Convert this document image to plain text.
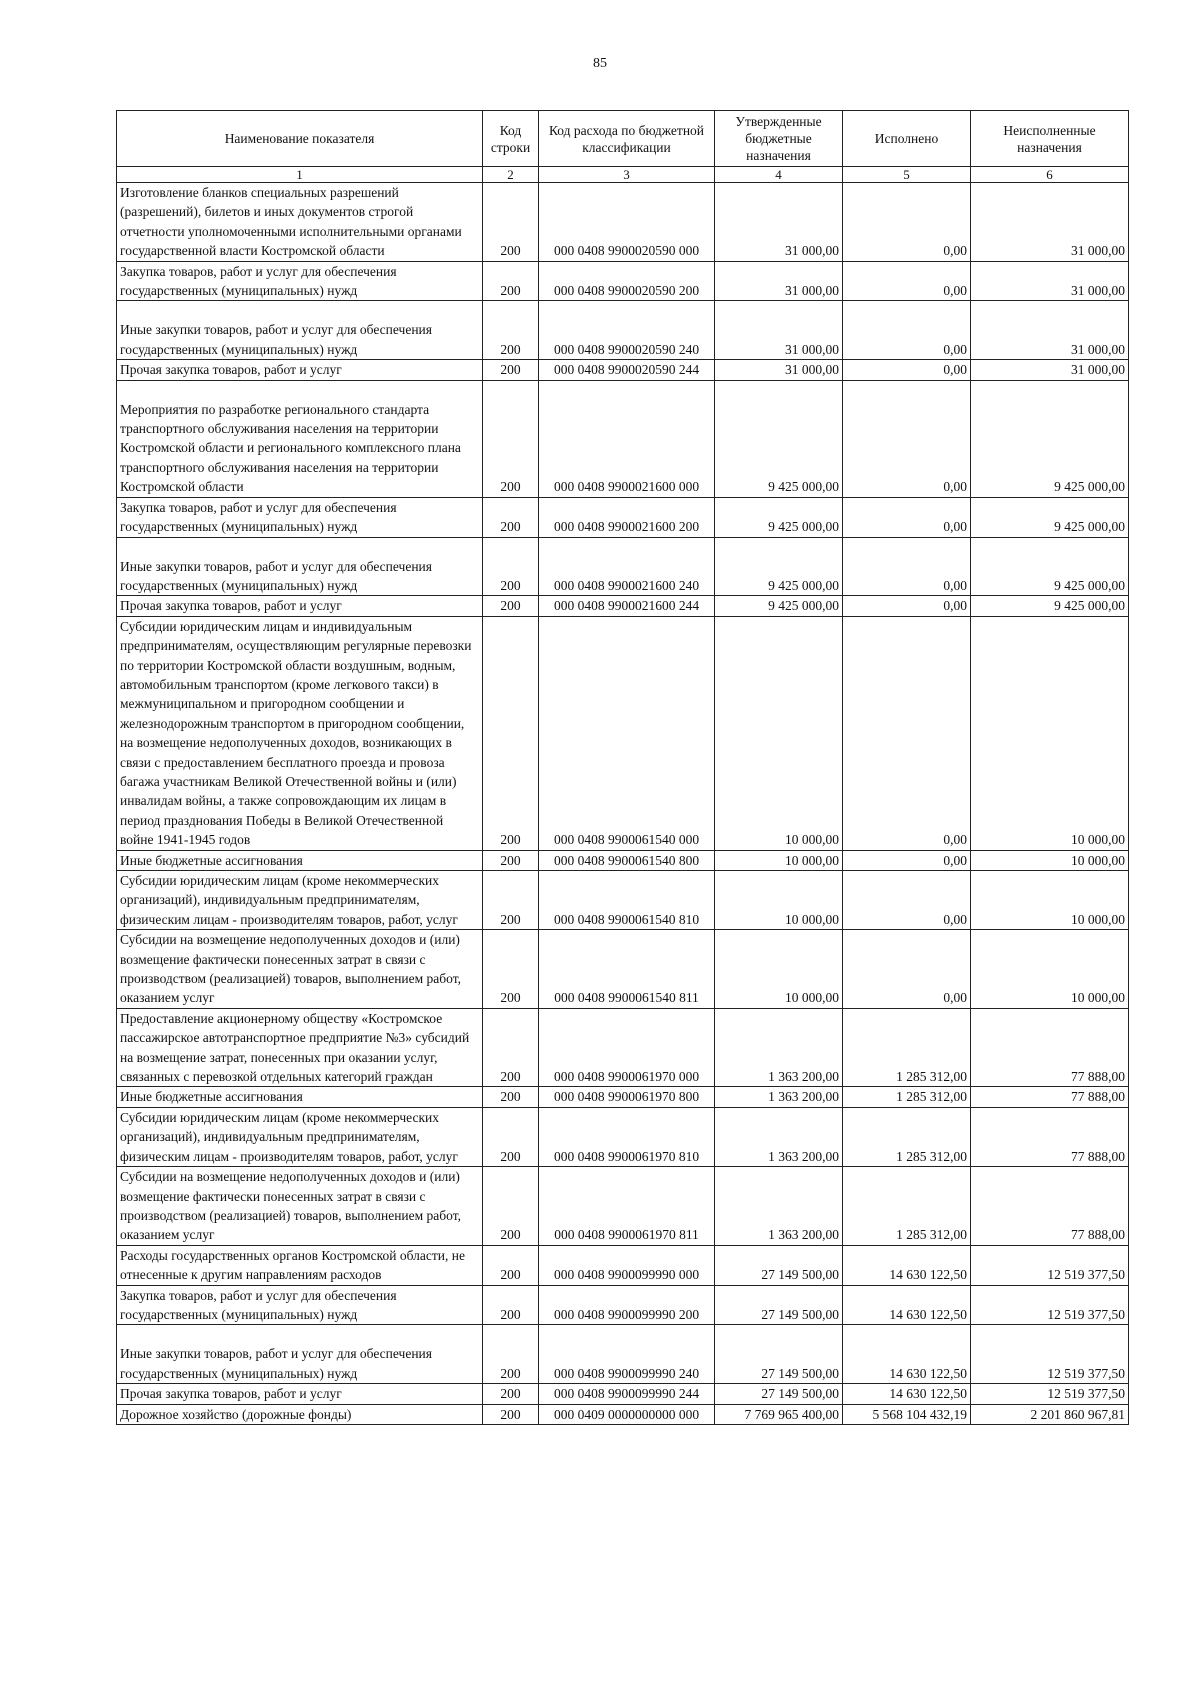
85
Наименование показателя	Код строки	Код расхода по бюджетной классификации	Утвержденные бюджетные назначения	Исполнено	Неисполненные назначения
1	2	3	4	5	6
Изготовление бланков специальных разрешений (разрешений), билетов и иных документов строгой отчетности уполномоченными исполнительными органами государственной власти Костромской области	200	000 0408 9900020590 000	31 000,00	0,00	31 000,00
Закупка товаров, работ и услуг для обеспечения государственных (муниципальных) нужд	200	000 0408 9900020590 200	31 000,00	0,00	31 000,00
Иные закупки товаров, работ и услуг для обеспечения государственных (муниципальных) нужд	200	000 0408 9900020590 240	31 000,00	0,00	31 000,00
Прочая закупка товаров, работ и услуг	200	000 0408 9900020590 244	31 000,00	0,00	31 000,00
Мероприятия по разработке регионального стандарта транспортного обслуживания населения на территории Костромской области и регионального комплексного плана транспортного обслуживания населения на территории Костромской области	200	000 0408 9900021600 000	9 425 000,00	0,00	9 425 000,00
Закупка товаров, работ и услуг для обеспечения государственных (муниципальных) нужд	200	000 0408 9900021600 200	9 425 000,00	0,00	9 425 000,00
Иные закупки товаров, работ и услуг для обеспечения государственных (муниципальных) нужд	200	000 0408 9900021600 240	9 425 000,00	0,00	9 425 000,00
Прочая закупка товаров, работ и услуг	200	000 0408 9900021600 244	9 425 000,00	0,00	9 425 000,00
Субсидии юридическим лицам и индивидуальным предпринимателям, осуществляющим регулярные перевозки по территории Костромской области воздушным, водным, автомобильным транспортом (кроме легкового такси) в межмуниципальном и пригородном сообщении и железнодорожным транспортом в пригородном сообщении, на возмещение недополученных доходов, возникающих в связи с предоставлением бесплатного проезда и провоза багажа участникам Великой Отечественной войны и (или) инвалидам войны, а также сопровождающим их лицам в период празднования Победы в Великой Отечественной войне 1941-1945 годов	200	000 0408 9900061540 000	10 000,00	0,00	10 000,00
Иные бюджетные ассигнования	200	000 0408 9900061540 800	10 000,00	0,00	10 000,00
Субсидии юридическим лицам (кроме некоммерческих организаций), индивидуальным предпринимателям, физическим лицам - производителям товаров, работ, услуг	200	000 0408 9900061540 810	10 000,00	0,00	10 000,00
Субсидии на возмещение недополученных доходов и (или) возмещение фактически понесенных затрат в связи с производством (реализацией) товаров, выполнением работ, оказанием услуг	200	000 0408 9900061540 811	10 000,00	0,00	10 000,00
Предоставление акционерному обществу «Костромское пассажирское автотранспортное предприятие №3» субсидий на возмещение затрат, понесенных при оказании услуг, связанных с перевозкой отдельных категорий граждан	200	000 0408 9900061970 000	1 363 200,00	1 285 312,00	77 888,00
Иные бюджетные ассигнования	200	000 0408 9900061970 800	1 363 200,00	1 285 312,00	77 888,00
Субсидии юридическим лицам (кроме некоммерческих организаций), индивидуальным предпринимателям, физическим лицам - производителям товаров, работ, услуг	200	000 0408 9900061970 810	1 363 200,00	1 285 312,00	77 888,00
Субсидии на возмещение недополученных доходов и (или) возмещение фактически понесенных затрат в связи с производством (реализацией) товаров, выполнением работ, оказанием услуг	200	000 0408 9900061970 811	1 363 200,00	1 285 312,00	77 888,00
Расходы государственных органов Костромской области, не отнесенные к другим направлениям расходов	200	000 0408 9900099990 000	27 149 500,00	14 630 122,50	12 519 377,50
Закупка товаров, работ и услуг для обеспечения государственных (муниципальных) нужд	200	000 0408 9900099990 200	27 149 500,00	14 630 122,50	12 519 377,50
Иные закупки товаров, работ и услуг для обеспечения государственных (муниципальных) нужд	200	000 0408 9900099990 240	27 149 500,00	14 630 122,50	12 519 377,50
Прочая закупка товаров, работ и услуг	200	000 0408 9900099990 244	27 149 500,00	14 630 122,50	12 519 377,50
Дорожное хозяйство (дорожные фонды)	200	000 0409 0000000000 000	7 769 965 400,00	5 568 104 432,19	2 201 860 967,81
